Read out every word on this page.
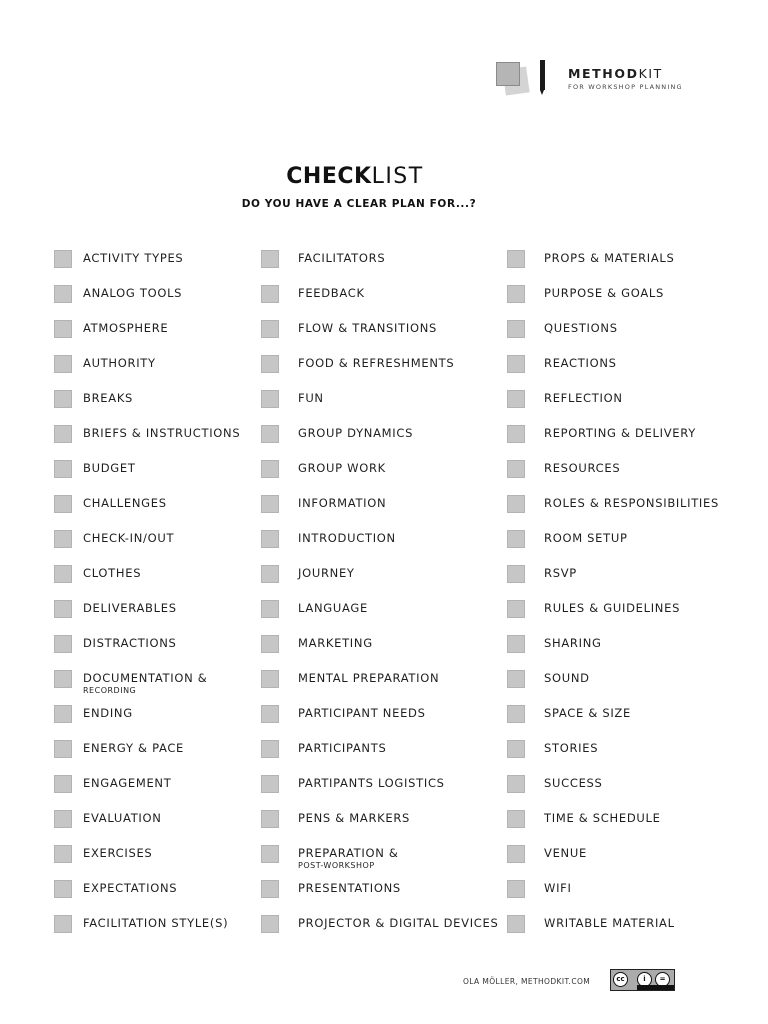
METHODKIT
FOR WORKSHOP PLANNING
CHECKLIST
DO YOU HAVE A CLEAR PLAN FOR...?
ACTIVITY TYPES
ANALOG TOOLS
ATMOSPHERE
AUTHORITY
BREAKS
BRIEFS & INSTRUCTIONS
BUDGET
CHALLENGES
CHECK-IN/OUT
CLOTHES
DELIVERABLES
DISTRACTIONS
DOCUMENTATION &
RECORDING
ENDING
ENERGY & PACE
ENGAGEMENT
EVALUATION
EXERCISES
EXPECTATIONS
FACILITATION STYLE(S)
FACILITATORS
FEEDBACK
FLOW & TRANSITIONS
FOOD & REFRESHMENTS
FUN
GROUP DYNAMICS
GROUP WORK
INFORMATION
INTRODUCTION
JOURNEY
LANGUAGE
MARKETING
MENTAL PREPARATION
PARTICIPANT NEEDS
PARTICIPANTS
PARTIPANTS LOGISTICS
PENS & MARKERS
PREPARATION &
POST-WORKSHOP
PRESENTATIONS
PROJECTOR & DIGITAL DEVICES
PROPS & MATERIALS
PURPOSE & GOALS
QUESTIONS
REACTIONS
REFLECTION
REPORTING & DELIVERY
RESOURCES
ROLES & RESPONSIBILITIES
ROOM SETUP
RSVP
RULES & GUIDELINES
SHARING
SOUND
SPACE & SIZE
STORIES
SUCCESS
TIME & SCHEDULE
VENUE
WIFI
WRITABLE MATERIAL
OLA MÖLLER, METHODKIT.COM	cc	i	=
